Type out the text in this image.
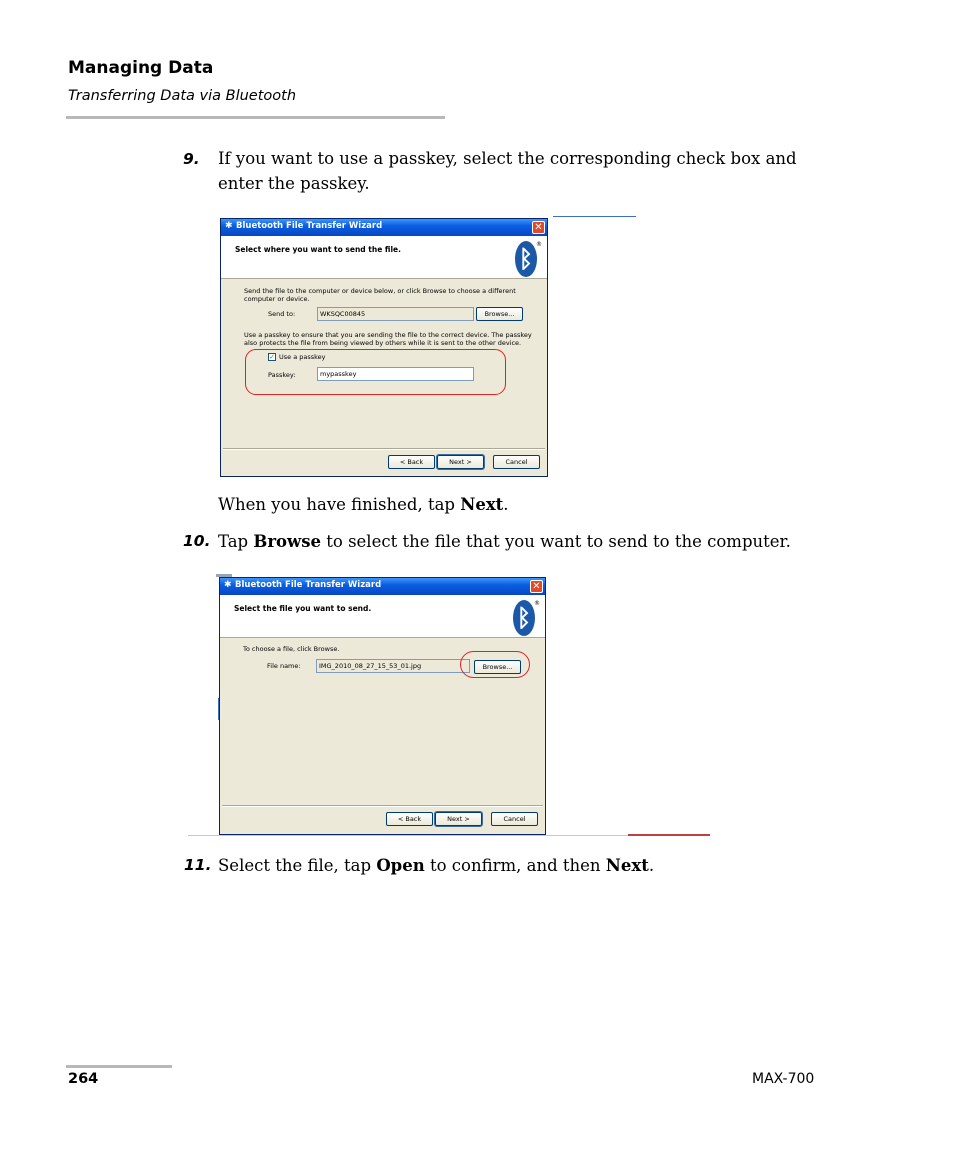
Managing Data
Transferring Data via Bluetooth
9. If you want to use a passkey, select the corresponding check box and
enter the passkey.
✱ Bluetooth File Transfer Wizard	✕
Select where you want to send the file.	ᛒ
®
Send the file to the computer or device below, or click Browse to choose a different
computer or device.
Send to:	WKSQC00845	Browse...
Use a passkey to ensure that you are sending the file to the correct device. The passkey
also protects the file from being viewed by others while it is sent to the other device.
✓ Use a passkey
Passkey:	mypasskey
< Back	Next >	Cancel
When you have finished, tap Next.
10. Tap Browse to select the file that you want to send to the computer.
✱ Bluetooth File Transfer Wizard	✕
Select the file you want to send.	ᛒ
®
To choose a file, click Browse.
File name:	IMG_2010_08_27_15_53_01.jpg	Browse...
< Back	Next >	Cancel
11. Select the file, tap Open to confirm, and then Next.
264	MAX-700
